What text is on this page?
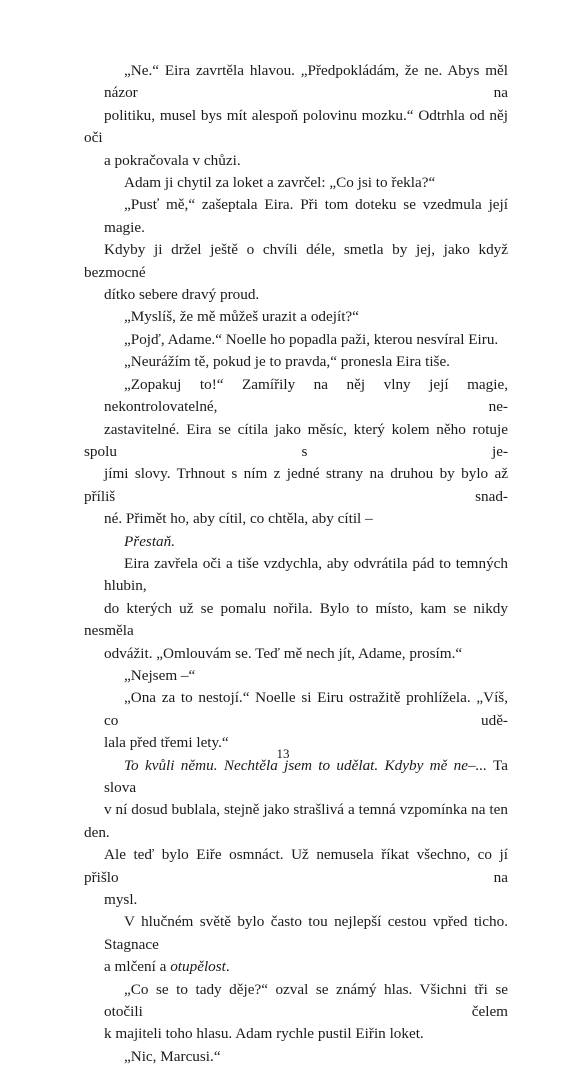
„Ne.“ Eira zavrtěla hlavou. „Předpokládám, že ne. Abys měl názor na
politiku, musel bys mít alespoň polovinu mozku.“ Odtrhla od něj oči
a pokračovala v chůzi.
Adam ji chytil za loket a zavrčel: „Co jsi to řekla?“
„Pusť mě,“ zašeptala Eira. Při tom doteku se vzedmula její magie.
Kdyby ji držel ještě o chvíli déle, smetla by jej, jako když bezmocné
dítko sebere dravý proud.
„Myslíš, že mě můžeš urazit a odejít?“
„Pojď, Adame.“ Noelle ho popadla paži, kterou nesvíral Eiru.
„Neurážím tě, pokud je to pravda,“ pronesla Eira tiše.
„Zopakuj to!“ Zamířily na něj vlny její magie, nekontrolovatelné, ne-
zastavitelné. Eira se cítila jako měsíc, který kolem něho rotuje spolu s je-
jími slovy. Trhnout s ním z jedné strany na druhou by bylo až příliš snad-
né. Přimět ho, aby cítil, co chtěla, aby cítil –
Přestaň.
Eira zavřela oči a tiše vzdychla, aby odvrátila pád to temných hlubin,
do kterých už se pomalu nořila. Bylo to místo, kam se nikdy nesměla
odvážit. „Omlouvám se. Teď mě nech jít, Adame, prosím.“
„Nejsem –“
„Ona za to nestojí.“ Noelle si Eiru ostražitě prohlížela. „Víš, co udě-
lala před třemi lety.“
To kvůli němu. Nechtěla jsem to udělat. Kdyby mě ne–... Ta slova
v ní dosud bublala, stejně jako strašlivá a temná vzpomínka na ten den.
Ale teď bylo Eiře osmnáct. Už nemusela říkat všechno, co jí přišlo na
mysl.
V hlučném světě bylo často tou nejlepší cestou vpřed ticho. Stagnace
a mlčení a otupělost.
„Co se to tady děje?“ ozval se známý hlas. Všichni tři se otočili čelem
k majiteli toho hlasu. Adam rychle pustil Eiřin loket.
„Nic, Marcusi.“
13
